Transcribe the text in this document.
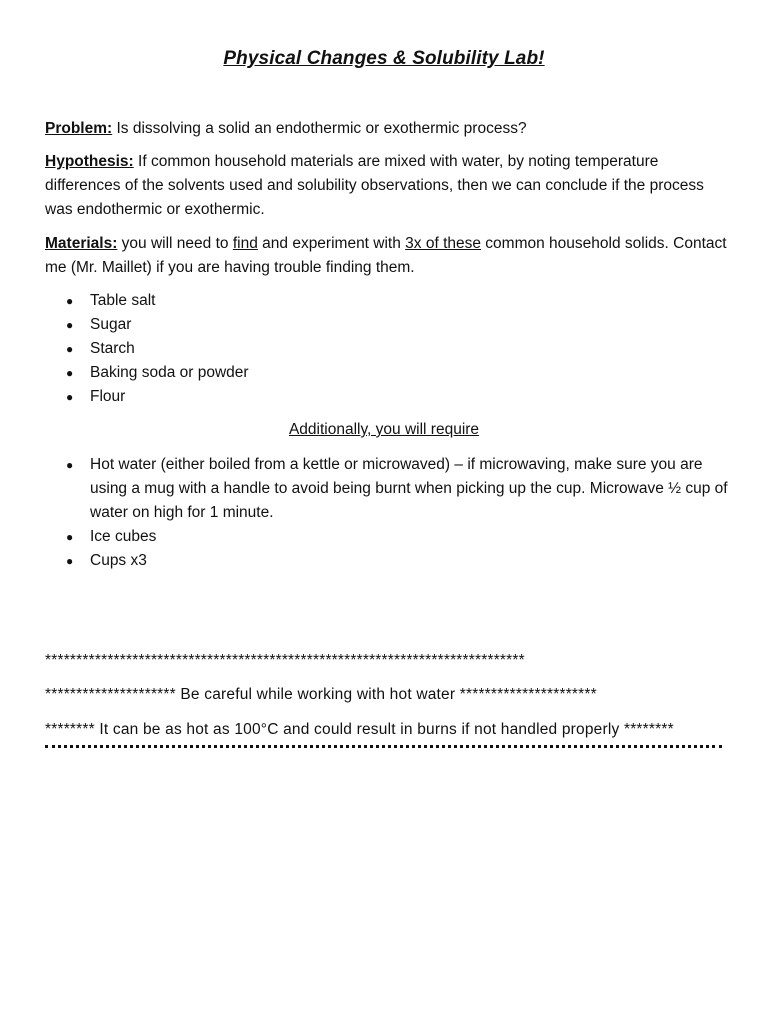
Physical Changes & Solubility Lab!
Problem: Is dissolving a solid an endothermic or exothermic process?
Hypothesis: If common household materials are mixed with water, by noting temperature differences of the solvents used and solubility observations, then we can conclude if the process was endothermic or exothermic.
Materials: you will need to find and experiment with 3x of these common household solids. Contact me (Mr. Maillet) if you are having trouble finding them.
● Table salt
● Sugar
● Starch
● Baking soda or powder
● Flour
Additionally, you will require
● Hot water (either boiled from a kettle or microwaved) – if microwaving, make sure you are using a mug with a handle to avoid being burnt when picking up the cup. Microwave ½ cup of water on high for 1 minute.
● Ice cubes
● Cups x3
*****************************************************************************
********************* Be careful while working with hot water **********************
******** It can be as hot as 100°C and could result in burns if not handled properly ********
